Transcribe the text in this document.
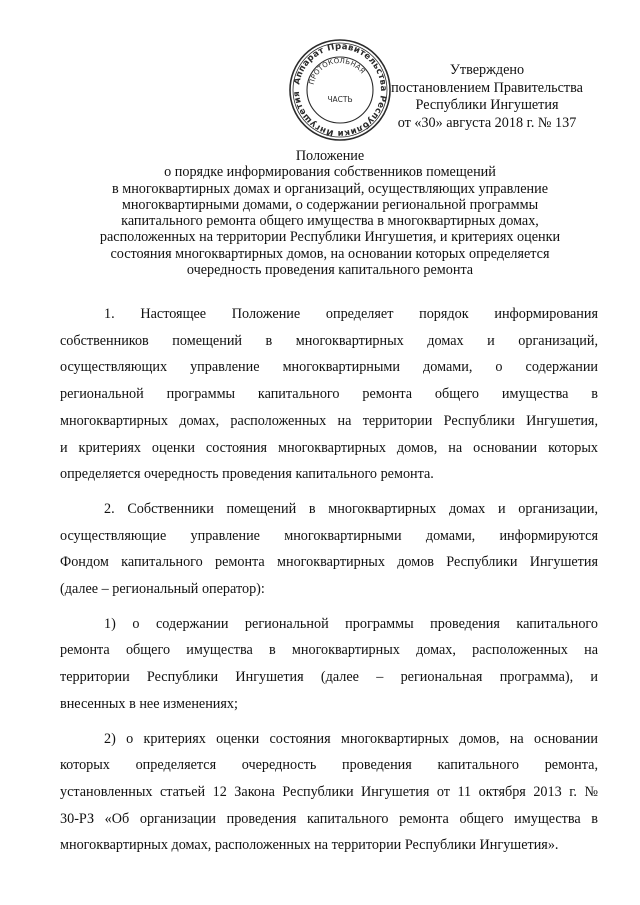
Аппарат Правительства Республики Ингушетия
ПРОТОКОЛЬНАЯ
ЧАСТЬ
Утверждено
постановлением Правительства
Республики Ингушетия
от «30» августа 2018 г. № 137
Положение
о порядке информирования собственников помещений
в многоквартирных домах и организаций, осуществляющих управление
многоквартирными домами, о содержании региональной программы
капитального ремонта общего имущества в многоквартирных домах,
расположенных на территории Республики Ингушетия, и критериях оценки
состояния многоквартирных домов, на основании которых определяется
очередность проведения капитального ремонта
1. Настоящее Положение определяет порядок информирования
собственников помещений в многоквартирных домах и организаций,
осуществляющих управление многоквартирными домами, о содержании
региональной программы капитального ремонта общего имущества в
многоквартирных домах, расположенных на территории Республики Ингушетия,
и критериях оценки состояния многоквартирных домов, на основании которых
определяется очередность проведения капитального ремонта.
2. Собственники помещений в многоквартирных домах и организации,
осуществляющие управление многоквартирными домами, информируются
Фондом капитального ремонта многоквартирных домов Республики Ингушетия
(далее – региональный оператор):
1) о содержании региональной программы проведения капитального
ремонта общего имущества в многоквартирных домах, расположенных на
территории Республики Ингушетия (далее – региональная программа), и
внесенных в нее изменениях;
2) о критериях оценки состояния многоквартирных домов, на основании
которых определяется очередность проведения капитального ремонта,
установленных статьей 12 Закона Республики Ингушетия от 11 октября 2013 г. №
30-РЗ «Об организации проведения капитального ремонта общего имущества в
многоквартирных домах, расположенных на территории Республики Ингушетия».
